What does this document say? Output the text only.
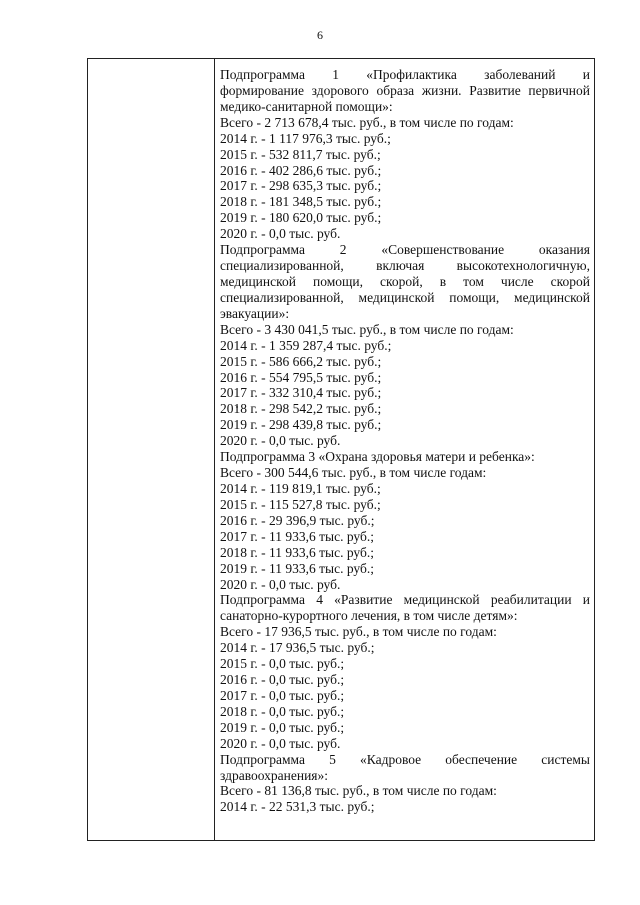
6
Подпрограмма 1 «Профилактика заболеваний и
формирование здорового образа жизни. Развитие первичной
медико-санитарной помощи»:
Всего - 2 713 678,4 тыс. руб., в том числе по годам:
2014 г. - 1 117 976,3 тыс. руб.;
2015 г. - 532 811,7 тыс. руб.;
2016 г. - 402 286,6 тыс. руб.;
2017 г. - 298 635,3 тыс. руб.;
2018 г. - 181 348,5 тыс. руб.;
2019 г. - 180 620,0 тыс. руб.;
2020 г. - 0,0 тыс. руб.
Подпрограмма 2 «Совершенствование оказания
специализированной, включая высокотехнологичную,
медицинской помощи, скорой, в том числе скорой
специализированной, медицинской помощи, медицинской
эвакуации»:
Всего - 3 430 041,5 тыс. руб., в том числе по годам:
2014 г. - 1 359 287,4 тыс. руб.;
2015 г. - 586 666,2 тыс. руб.;
2016 г. - 554 795,5 тыс. руб.;
2017 г. - 332 310,4 тыс. руб.;
2018 г. - 298 542,2 тыс. руб.;
2019 г. - 298 439,8 тыс. руб.;
2020 г. - 0,0 тыс. руб.
Подпрограмма 3 «Охрана здоровья матери и ребенка»:
Всего - 300 544,6 тыс. руб., в том числе годам:
2014 г. - 119 819,1 тыс. руб.;
2015 г. - 115 527,8 тыс. руб.;
2016 г. - 29 396,9 тыс. руб.;
2017 г. - 11 933,6 тыс. руб.;
2018 г. - 11 933,6 тыс. руб.;
2019 г. - 11 933,6 тыс. руб.;
2020 г. - 0,0 тыс. руб.
Подпрограмма 4 «Развитие медицинской реабилитации и
санаторно-курортного лечения, в том числе детям»:
Всего - 17 936,5 тыс. руб., в том числе по годам:
2014 г. - 17 936,5 тыс. руб.;
2015 г. - 0,0 тыс. руб.;
2016 г. - 0,0 тыс. руб.;
2017 г. - 0,0 тыс. руб.;
2018 г. - 0,0 тыс. руб.;
2019 г. - 0,0 тыс. руб.;
2020 г. - 0,0 тыс. руб.
Подпрограмма 5 «Кадровое обеспечение системы
здравоохранения»:
Всего - 81 136,8 тыс. руб., в том числе по годам:
2014 г. - 22 531,3 тыс. руб.;
